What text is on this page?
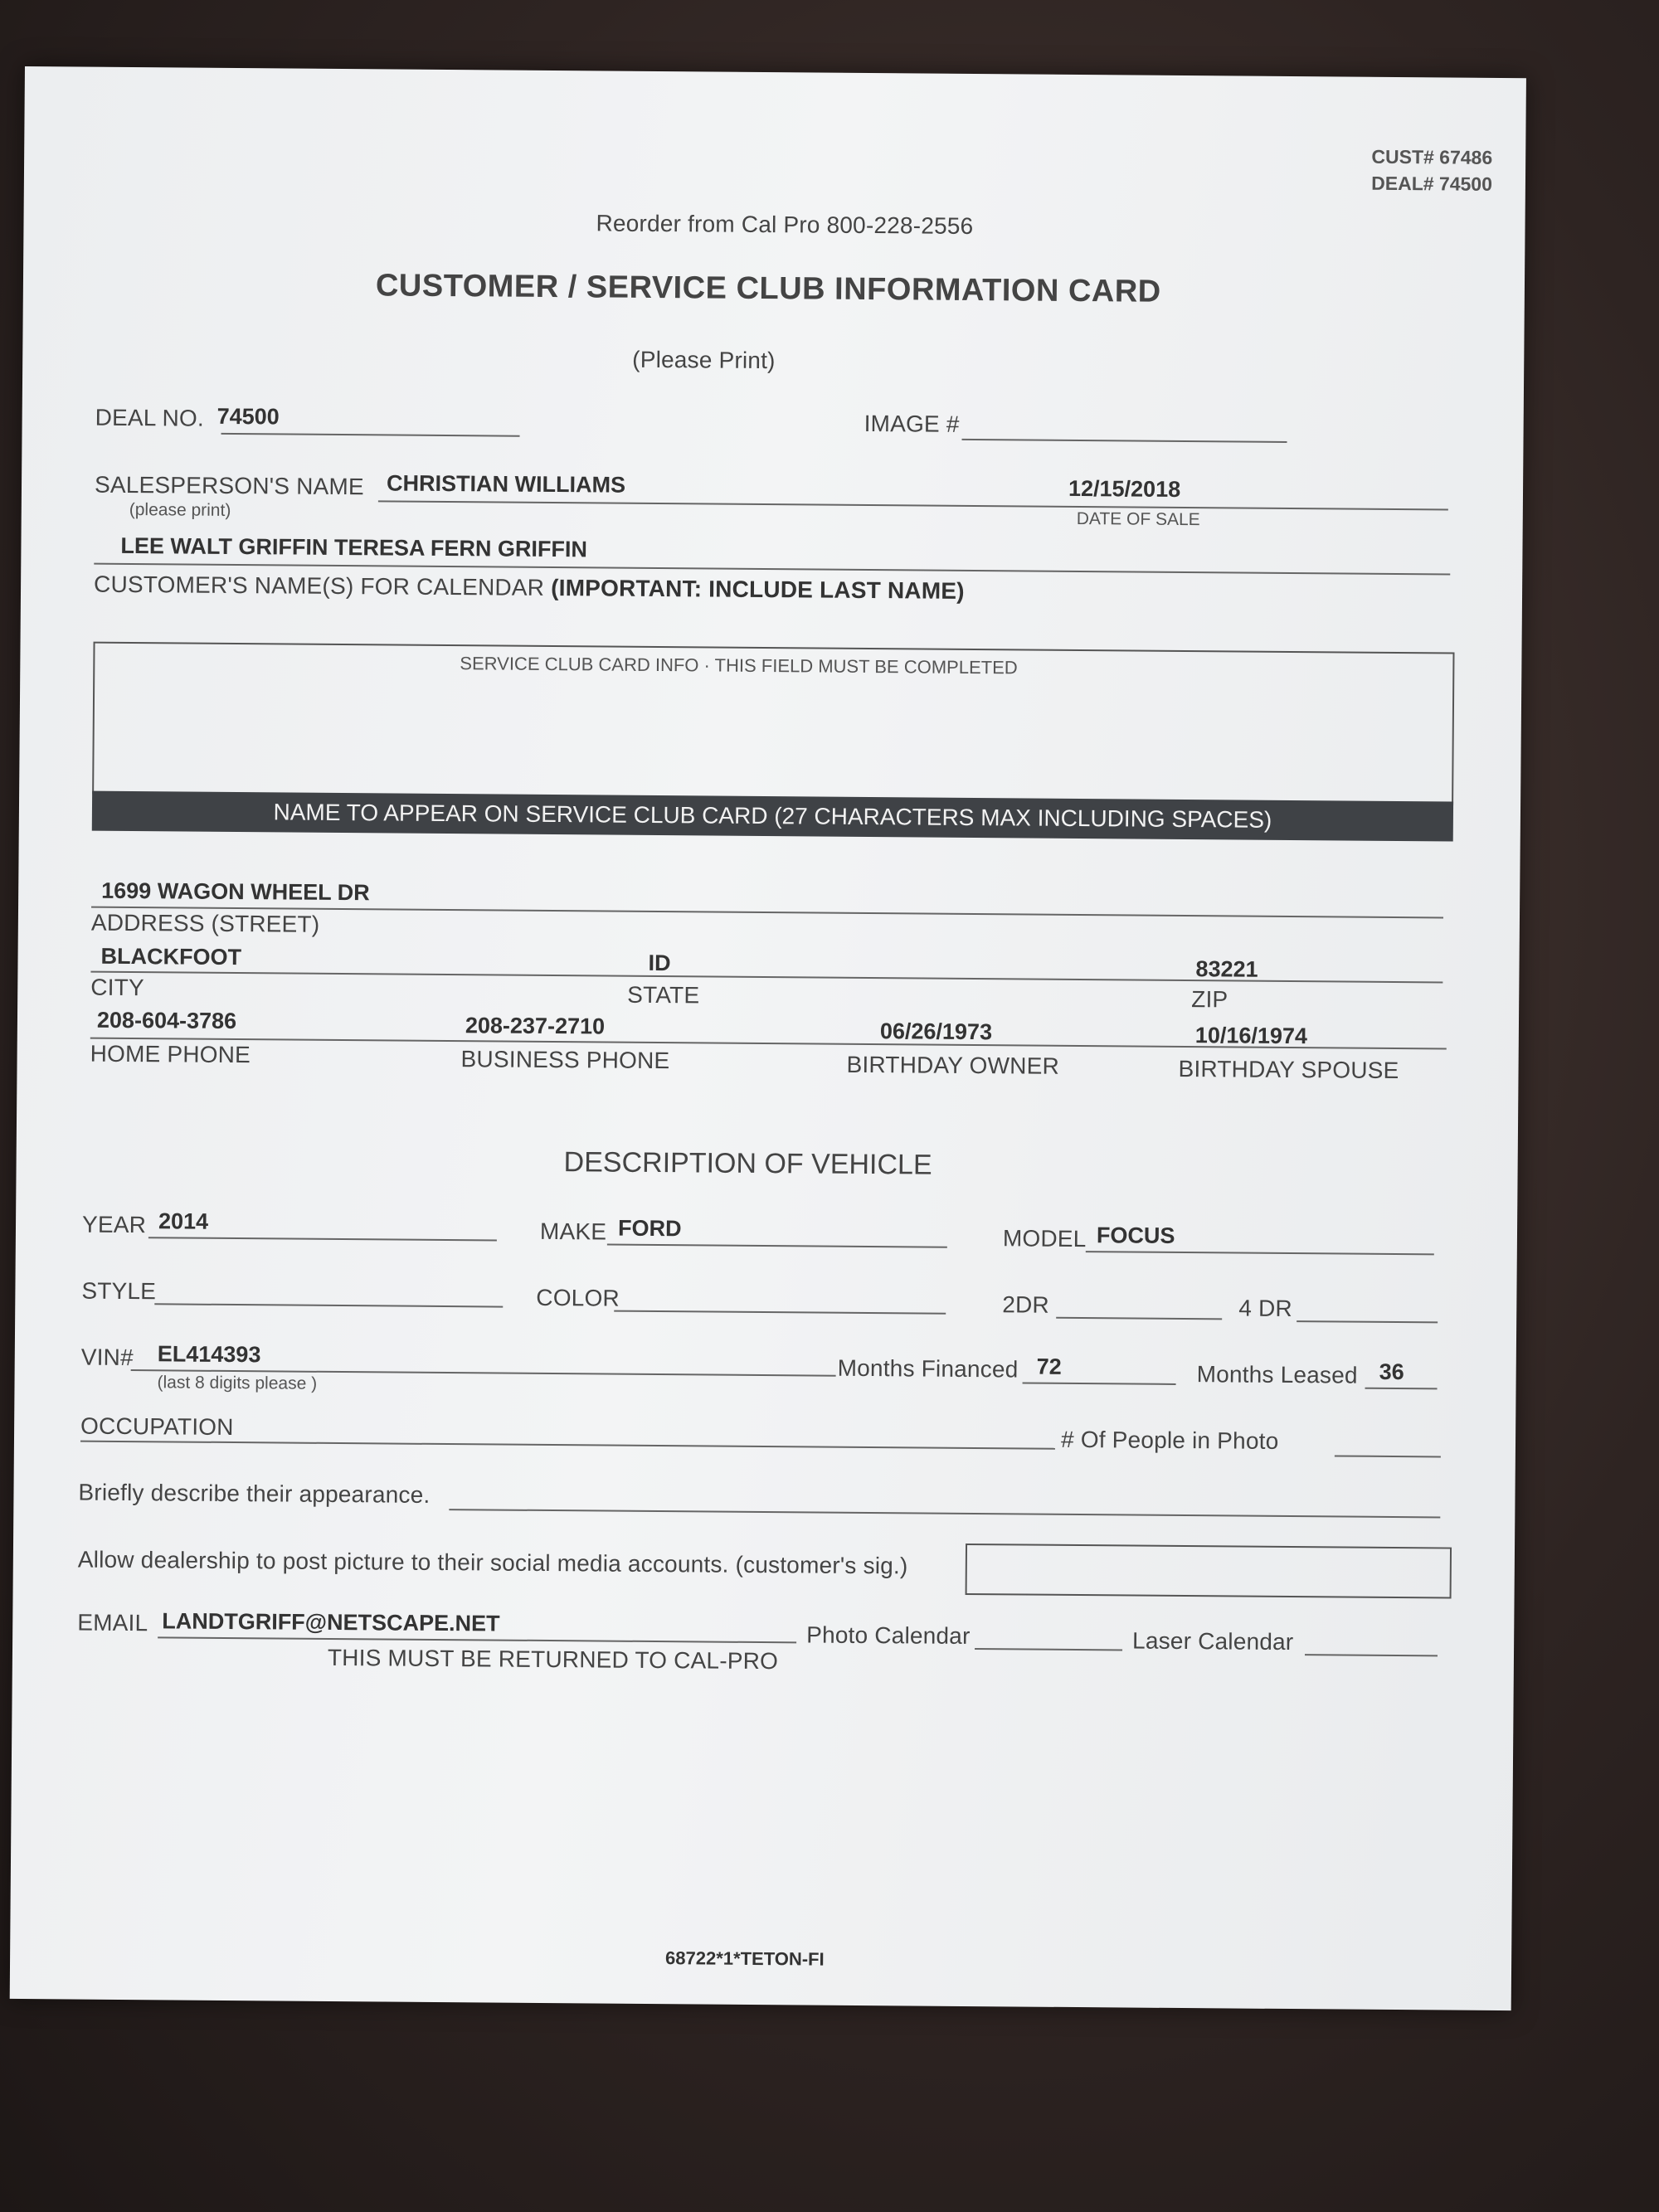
CUST# 67486
DEAL# 74500
Reorder from Cal Pro 800-228-2556
CUSTOMER / SERVICE CLUB INFORMATION CARD
(Please Print)
DEAL NO. 74500	IMAGE #
SALESPERSON'S NAME
(please print)
CHRISTIAN WILLIAMS	12/15/2018
DATE OF SALE
LEE WALT GRIFFIN TERESA FERN GRIFFIN
CUSTOMER'S NAME(S) FOR CALENDAR (IMPORTANT: INCLUDE LAST NAME)
SERVICE CLUB CARD INFO · THIS FIELD MUST BE COMPLETED
NAME TO APPEAR ON SERVICE CLUB CARD (27 CHARACTERS MAX INCLUDING SPACES)
1699 WAGON WHEEL DR
ADDRESS (STREET)
BLACKFOOT	ID	83221
CITY	STATE	ZIP
208-604-3786	208-237-2710	06/26/1973	10/16/1974
HOME PHONE	BUSINESS PHONE	BIRTHDAY OWNER	BIRTHDAY SPOUSE
DESCRIPTION OF VEHICLE
YEAR 2014	MAKE FORD	MODEL FOCUS
STYLE	COLOR	2DR	4 DR
VIN# EL414393
(last 8 digits please )
Months Financed 72	Months Leased 36
OCCUPATION
# Of People in Photo
Briefly describe their appearance.
Allow dealership to post picture to their social media accounts. (customer's sig.)
EMAIL LANDTGRIFF@NETSCAPE.NET	Photo Calendar	Laser Calendar
THIS MUST BE RETURNED TO CAL-PRO
68722*1*TETON-FI
